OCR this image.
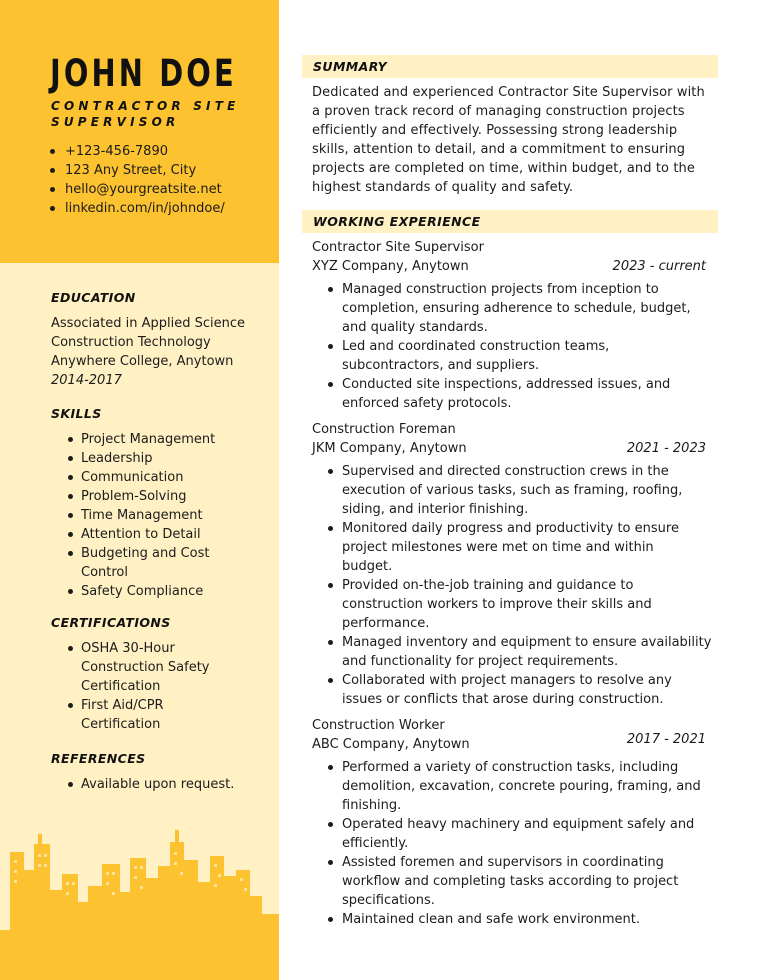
JOHN DOE
CONTRACTOR SITE SUPERVISOR
+123-456-7890
123 Any Street, City
hello@yourgreatsite.net
linkedin.com/in/johndoe/
EDUCATION
Associated in Applied Science
Construction Technology
Anywhere College, Anytown
2014-2017
SKILLS
Project Management
Leadership
Communication
Problem-Solving
Time Management
Attention to Detail
Budgeting and Cost Control
Safety Compliance
CERTIFICATIONS
OSHA 30-Hour Construction Safety Certification
First Aid/CPR Certification
REFERENCES
Available upon request.
SUMMARY
Dedicated and experienced Contractor Site Supervisor with a proven track record of managing construction projects efficiently and effectively. Possessing strong leadership skills, attention to detail, and a commitment to ensuring projects are completed on time, within budget, and to the highest standards of quality and safety.
WORKING EXPERIENCE
Contractor Site Supervisor
XYZ Company, Anytown	2023 - current
Managed construction projects from inception to completion, ensuring adherence to schedule, budget, and quality standards.
Led and coordinated construction teams, subcontractors, and suppliers.
Conducted site inspections, addressed issues, and enforced safety protocols.
Construction Foreman
JKM Company, Anytown	2021 - 2023
Supervised and directed construction crews in the execution of various tasks, such as framing, roofing, siding, and interior finishing.
Monitored daily progress and productivity to ensure project milestones were met on time and within budget.
Provided on-the-job training and guidance to construction workers to improve their skills and performance.
Managed inventory and equipment to ensure availability and functionality for project requirements.
Collaborated with project managers to resolve any issues or conflicts that arose during construction.
Construction Worker
ABC Company, Anytown	2017 - 2021
Performed a variety of construction tasks, including demolition, excavation, concrete pouring, framing, and finishing.
Operated heavy machinery and equipment safely and efficiently.
Assisted foremen and supervisors in coordinating workflow and completing tasks according to project specifications.
Maintained clean and safe work environment.
